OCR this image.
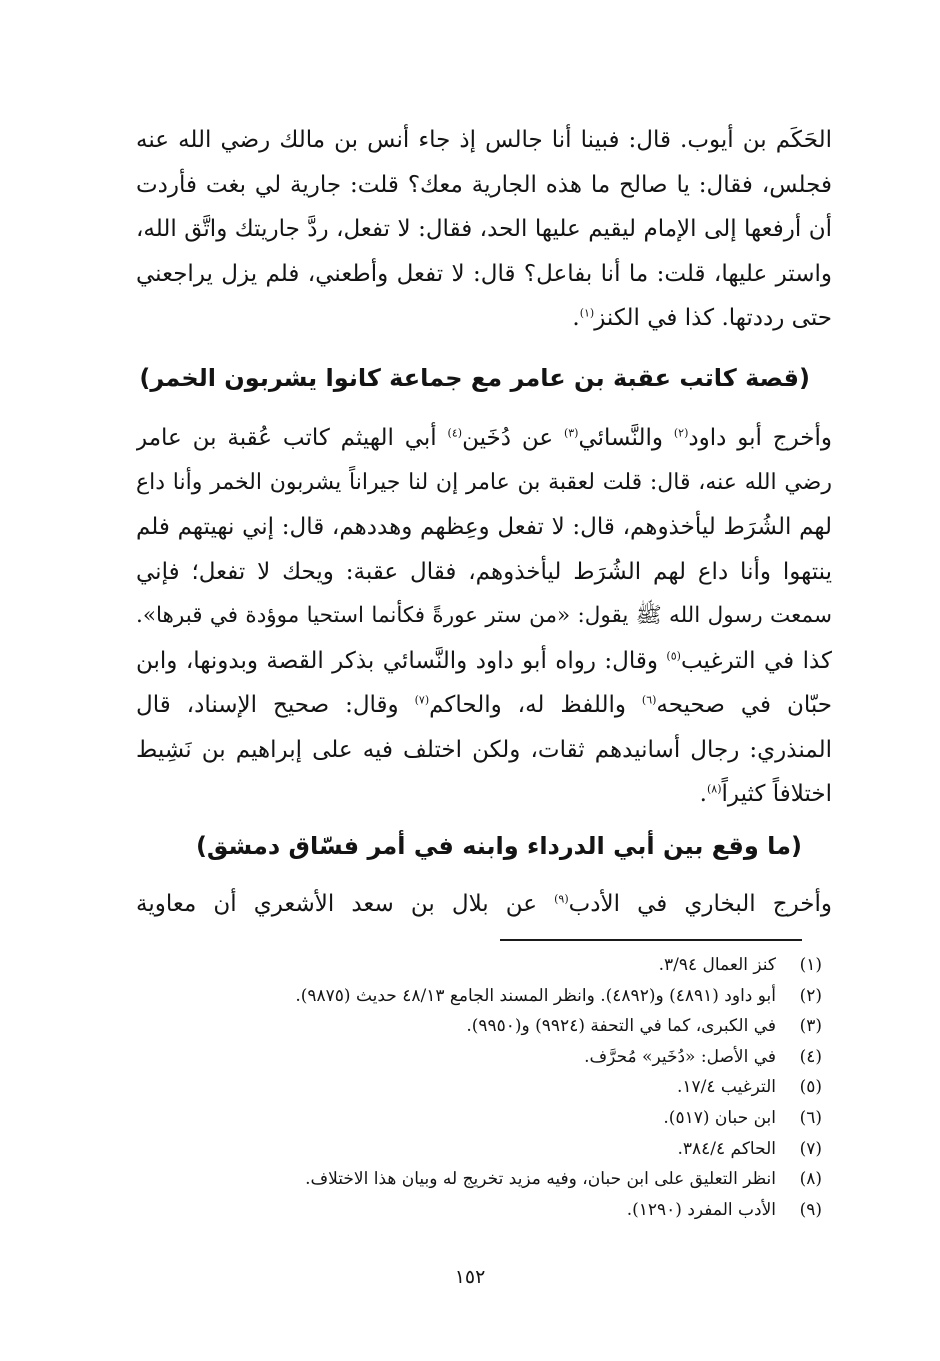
الحَكَم بن أيوب. قال: فبينا أنا جالس إذ جاء أنس بن مالك رضي الله عنه
فجلس، فقال: يا صالح ما هذه الجارية معك؟ قلت: جارية لي بغت فأردت
أن أرفعها إلى الإمام ليقيم عليها الحد، فقال: لا تفعل، ردَّ جاريتك واتَّق الله،
واستر عليها، قلت: ما أنا بفاعل؟ قال: لا تفعل وأطعني، فلم يزل يراجعني
حتى رددتها. كذا في الكنز$^{(١)}$.
(قصة كاتب عقبة بن عامر مع جماعة كانوا يشربون الخمر)
وأخرج أبو داود$^{(٢)}$ والنَّسائي$^{(٣)}$ عن دُخَين$^{(٤)}$ أبي الهيثم كاتب عُقبة بن عامر
رضي الله عنه، قال: قلت لعقبة بن عامر إن لنا جيراناً يشربون الخمر وأنا داع
لهم الشُرَط ليأخذوهم، قال: لا تفعل وعِظهم وهددهم، قال: إني نهيتهم فلم
ينتهوا وأنا داع لهم الشُرَط ليأخذوهم، فقال عقبة: ويحك لا تفعل؛ فإني
سمعت رسول الله ﷺ يقول: «من ستر عورةً فكأنما استحيا موؤدة في قبرها».
كذا في الترغيب$^{(٥)}$ وقال: رواه أبو داود والنَّسائي بذكر القصة وبدونها، وابن
حبّان في صحيحه$^{(٦)}$ واللفظ له، والحاكم$^{(٧)}$ وقال: صحيح الإسناد، قال
المنذري: رجال أسانيدهم ثقات، ولكن اختلف فيه على إبراهيم بن نَشِيط
اختلافاً كثيراً$^{(٨)}$.
(ما وقع بين أبي الدرداء وابنه في أمر فسّاق دمشق)
وأخرج البخاري في الأدب$^{(٩)}$ عن بلال بن سعد الأشعري أن معاوية
(١)
كنز العمال ٣/٩٤.
(٢)
أبو داود (٤٨٩١) و(٤٨٩٢). وانظر المسند الجامع ٤٨/١٣ حديث (٩٨٧٥).
(٣)
في الكبرى، كما في التحفة (٩٩٢٤) و(٩٩٥٠).
(٤)
في الأصل: «دُخَير» مُحرَّف.
(٥)
الترغيب ١٧/٤.
(٦)
ابن حبان (٥١٧).
(٧)
الحاكم ٣٨٤/٤.
(٨)
انظر التعليق على ابن حبان، وفيه مزيد تخريج له وبيان هذا الاختلاف.
(٩)
الأدب المفرد (١٢٩٠).
١٥٢
